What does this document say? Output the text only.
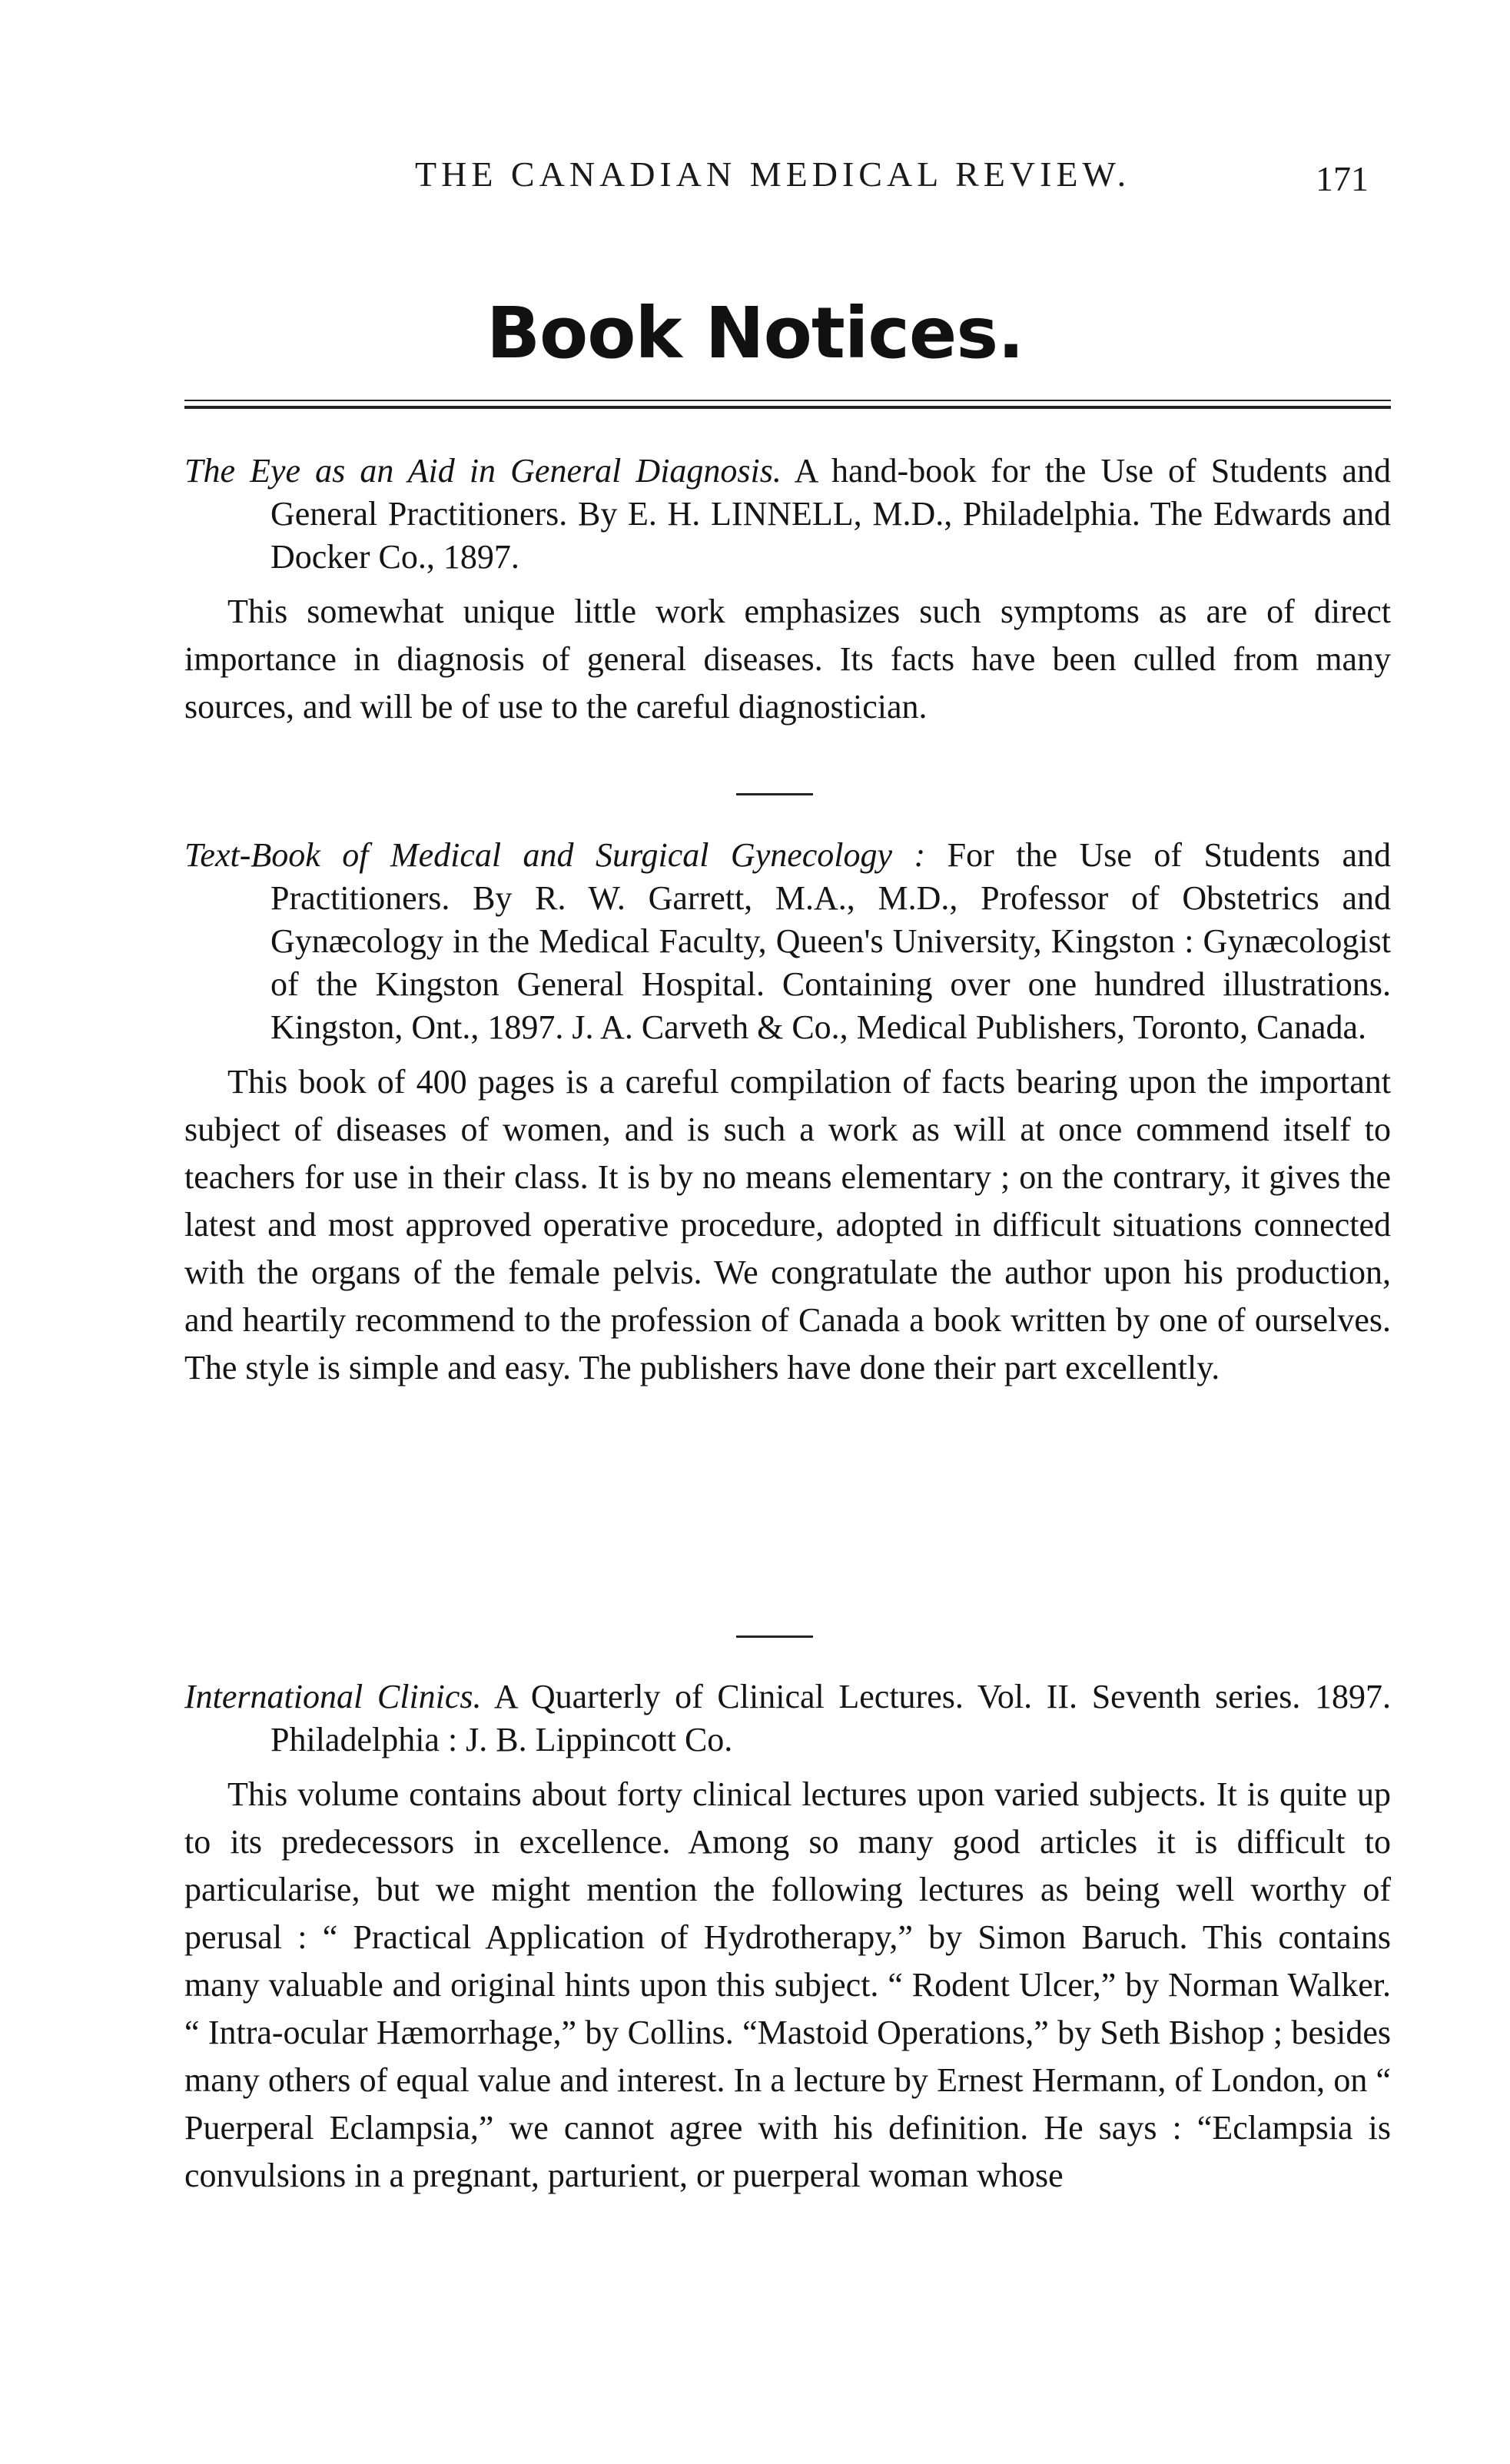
THE CANADIAN MEDICAL REVIEW.	171
Book Notices.

The Eye as an Aid in General Diagnosis. A hand-book for the Use of Students and General Practitioners. By E. H. LINNELL, M.D., Philadelphia. The Edwards and Docker Co., 1897.

This somewhat unique little work emphasizes such symptoms as are of direct importance in diagnosis of general diseases. Its facts have been culled from many sources, and will be of use to the careful diagnostician.

Text-Book of Medical and Surgical Gynecology : For the Use of Students and Practitioners. By R. W. Garrett, M.A., M.D., Professor of Obstetrics and Gynæcology in the Medical Faculty, Queen's University, Kingston : Gynæcologist of the Kingston General Hospital. Containing over one hundred illustrations. Kingston, Ont., 1897. J. A. Carveth & Co., Medical Publishers, Toronto, Canada.

This book of 400 pages is a careful compilation of facts bearing upon the important subject of diseases of women, and is such a work as will at once commend itself to teachers for use in their class. It is by no means elementary ; on the contrary, it gives the latest and most approved operative procedure, adopted in difficult situations connected with the organs of the female pelvis. We congratulate the author upon his production, and heartily recommend to the profession of Canada a book written by one of ourselves. The style is simple and easy. The publishers have done their part excellently.

International Clinics. A Quarterly of Clinical Lectures. Vol. II. Seventh series. 1897. Philadelphia : J. B. Lippincott Co.

This volume contains about forty clinical lectures upon varied subjects. It is quite up to its predecessors in excellence. Among so many good articles it is difficult to particularise, but we might mention the following lectures as being well worthy of perusal : “ Practical Application of Hydrotherapy,” by Simon Baruch. This contains many valuable and original hints upon this subject. “ Rodent Ulcer,” by Norman Walker. “ Intra-ocular Hæmorrhage,” by Collins. “Mastoid Operations,” by Seth Bishop ; besides many others of equal value and interest. In a lecture by Ernest Hermann, of London, on “ Puerperal Eclampsia,” we cannot agree with his definition. He says : “Eclampsia is convulsions in a pregnant, parturient, or puerperal woman whose
